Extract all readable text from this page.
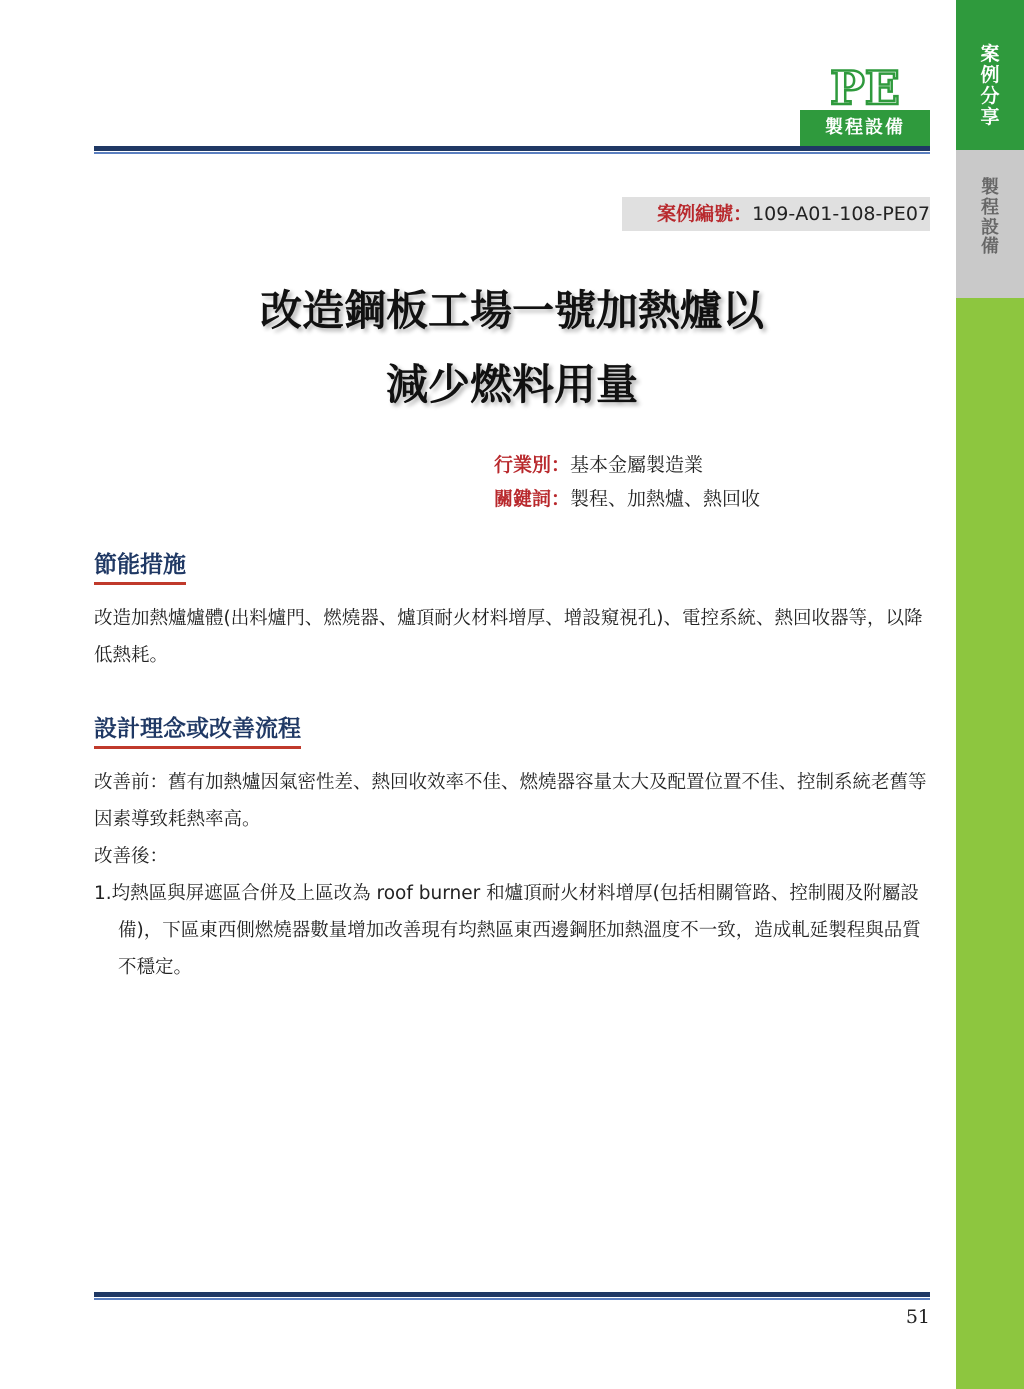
案
例
分
享
製
程
設
備
PE
製程設備
案例編號：109-A01-108-PE07
改造鋼板工場一號加熱爐以
減少燃料用量
行業別：基本金屬製造業
關鍵詞：製程、加熱爐、熱回收
節能措施

改造加熱爐爐體(出料爐門、燃燒器、爐頂耐火材料增厚、增設窺視孔)、電控系統、熱回收器等，以降低熱耗。

設計理念或改善流程

改善前：舊有加熱爐因氣密性差、熱回收效率不佳、燃燒器容量太大及配置位置不佳、控制系統老舊等因素導致耗熱率高。

改善後：

1.均熱區與屏遮區合併及上區改為 roof burner 和爐頂耐火材料增厚(包括相關管路、控制閥及附屬設備)，下區東西側燃燒器數量增加改善現有均熱區東西邊鋼胚加熱溫度不一致，造成軋延製程與品質不穩定。

51
